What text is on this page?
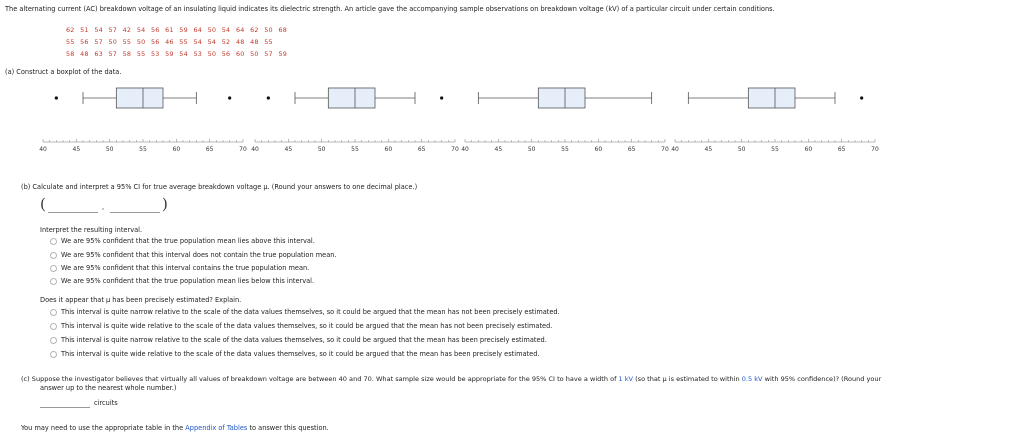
The alternating current (AC) breakdown voltage of an insulating liquid indicates its dielectric strength. An article gave the accompanying sample observations on breakdown voltage (kV) of a particular circuit under certain conditions.
62 51 54 57 42 54 56 61 59 64 50 54 64 62 50 68
55 56 57 50 55 50 56 46 55 54 54 52 48 48 55
58 48 63 57 58 55 53 59 54 53 50 56 60 50 57 59
(a) Construct a boxplot of the data.
40	45	50	55	60	65	70 40	45	50	55	60	65	70 40	45	50	55	60	65	70 40	45	50	55	60	65	70
(b) Calculate and interpret a 95% CI for true average breakdown voltage μ. (Round your answers to one decimal place.)
(	,	)
Interpret the resulting interval.
We are 95% confident that the true population mean lies above this interval.
We are 95% confident that this interval does not contain the true population mean.
We are 95% confident that this interval contains the true population mean.
We are 95% confident that the true population mean lies below this interval.
Does it appear that μ has been precisely estimated? Explain.
This interval is quite narrow relative to the scale of the data values themselves, so it could be argued that the mean has not been precisely estimated.
This interval is quite wide relative to the scale of the data values themselves, so it could be argued that the mean has not been precisely estimated.
This interval is quite narrow relative to the scale of the data values themselves, so it could be argued that the mean has been precisely estimated.
This interval is quite wide relative to the scale of the data values themselves, so it could be argued that the mean has been precisely estimated.
(c) Suppose the investigator believes that virtually all values of breakdown voltage are between 40 and 70. What sample size would be appropriate for the 95% CI to have a width of 1 kV (so that μ is estimated to within 0.5 kV with 95% confidence)? (Round your
answer up to the nearest whole number.)
circuits
You may need to use the appropriate table in the Appendix of Tables to answer this question.
